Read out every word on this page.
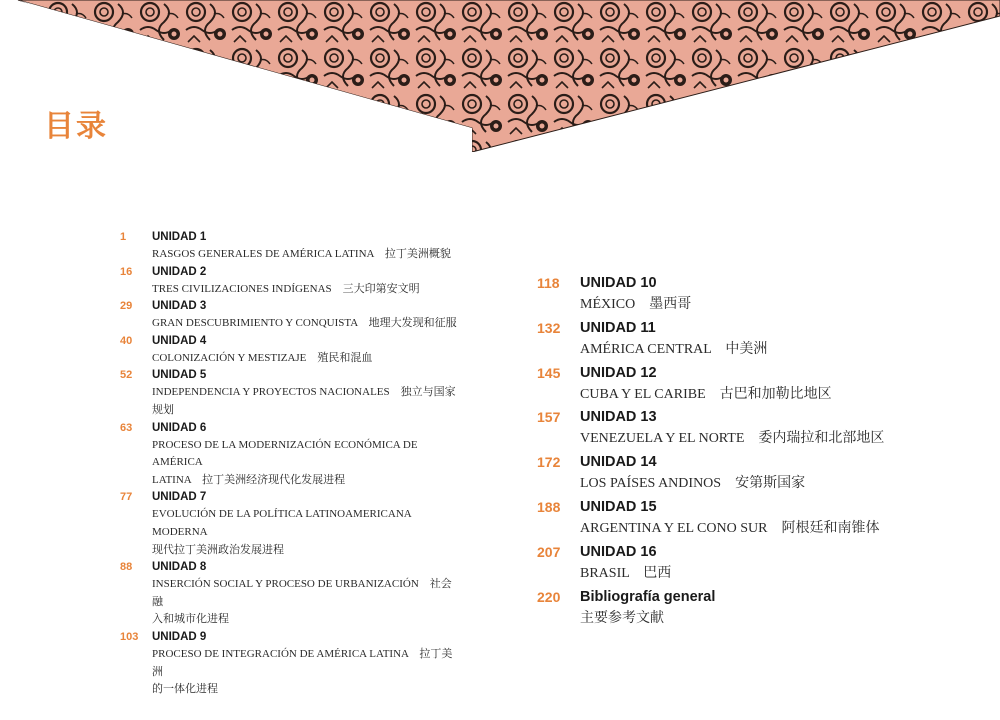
目录
1	UNIDAD 1
RASGOS GENERALES DE AMÉRICA LATINA　拉丁美洲概貌
16	UNIDAD 2
TRES CIVILIZACIONES INDÍGENAS　三大印第安文明
29	UNIDAD 3
GRAN DESCUBRIMIENTO Y CONQUISTA　地理大发现和征服
40	UNIDAD 4
COLONIZACIÓN Y MESTIZAJE　殖民和混血
52	UNIDAD 5
INDEPENDENCIA Y PROYECTOS NACIONALES　独立与国家
规划
63	UNIDAD 6
PROCESO DE LA MODERNIZACIÓN ECONÓMICA DE AMÉRICA
LATINA　拉丁美洲经济现代化发展进程
77	UNIDAD 7
EVOLUCIÓN DE LA POLÍTICA LATINOAMERICANA MODERNA
现代拉丁美洲政治发展进程
88	UNIDAD 8
INSERCIÓN SOCIAL Y PROCESO DE URBANIZACIÓN　社会融
入和城市化进程
103	UNIDAD 9
PROCESO DE INTEGRACIÓN DE AMÉRICA LATINA　拉丁美洲
的一体化进程
118	UNIDAD 10
MÉXICO　墨西哥
132	UNIDAD 11
AMÉRICA CENTRAL　中美洲
145	UNIDAD 12
CUBA Y EL CARIBE　古巴和加勒比地区
157	UNIDAD 13
VENEZUELA Y EL NORTE　委内瑞拉和北部地区
172	UNIDAD 14
LOS PAÍSES ANDINOS　安第斯国家
188	UNIDAD 15
ARGENTINA Y EL CONO SUR　阿根廷和南锥体
207	UNIDAD 16
BRASIL　巴西
220	Bibliografía general
主要参考文献
